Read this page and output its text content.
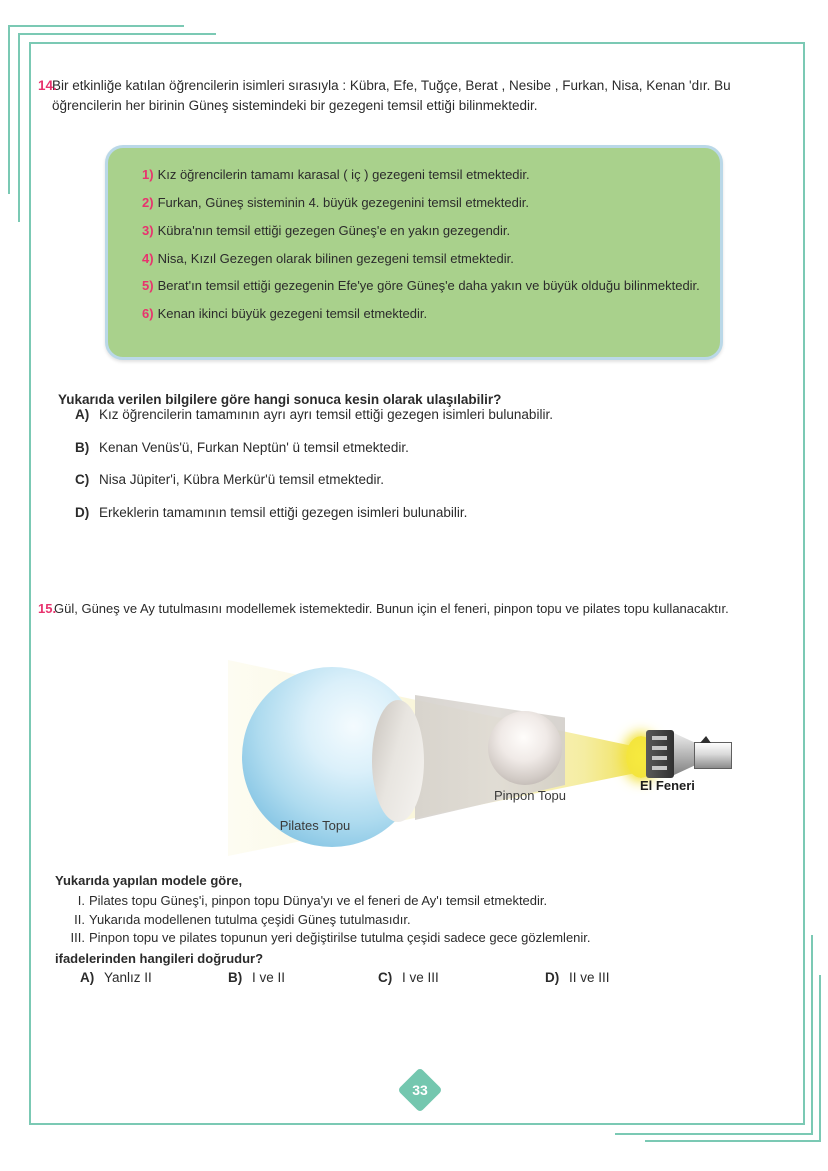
14.
Bir etkinliğe katılan öğrencilerin isimleri sırasıyla : Kübra, Efe, Tuğçe, Berat , Nesibe , Furkan, Nisa, Kenan 'dır. Bu öğrencilerin her birinin Güneş sistemindeki bir gezegeni temsil ettiği bilinmektedir.

1) Kız öğrencilerin tamamı karasal ( iç ) gezegeni temsil etmektedir.

2) Furkan, Güneş sisteminin 4. büyük gezegenini temsil etmektedir.

3) Kübra'nın temsil ettiği gezegen Güneş'e en yakın gezegendir.

4) Nisa, Kızıl Gezegen olarak bilinen gezegeni temsil etmektedir.

5) Berat'ın temsil ettiği gezegenin Efe'ye göre Güneş'e daha yakın ve büyük olduğu bilinmektedir.

6) Kenan ikinci büyük gezegeni temsil etmektedir.

Yukarıda verilen bilgilere göre hangi sonuca kesin olarak ulaşılabilir?

A) Kız öğrencilerin tamamının ayrı ayrı temsil ettiği gezegen isimleri bulunabilir.

B) Kenan Venüs'ü, Furkan Neptün' ü temsil etmektedir.

C) Nisa Jüpiter'i, Kübra Merkür'ü temsil etmektedir.

D) Erkeklerin tamamının temsil ettiği gezegen isimleri bulunabilir.

15.
Gül, Güneş ve Ay tutulmasını modellemek istemektedir. Bunun için el feneri, pinpon topu ve pilates topu kullanacaktır.

Pinpon Topu
El Feneri
Pilates Topu

Yukarıda yapılan modele göre,

I. Pilates topu Güneş'i, pinpon topu Dünya'yı ve el feneri de Ay'ı temsil etmektedir.

II. Yukarıda modellenen tutulma çeşidi Güneş tutulmasıdır.

III. Pinpon topu ve pilates topunun yeri değiştirilse tutulma çeşidi sadece gece gözlemlenir.

ifadelerinden hangileri doğrudur?

A) Yanlız II	B) I ve II	C) I ve III	D) II ve III
33
